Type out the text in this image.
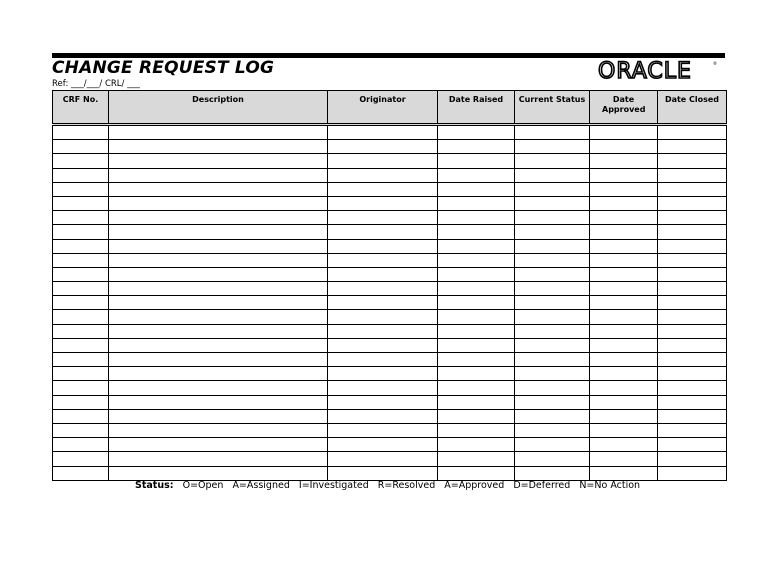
CHANGE REQUEST LOG
Ref: ___/___/ CRL/ ___	ORACLE	®
CRF No.	Description	Originator	Date Raised	Current Status	Date Approved	Date Closed

Status: O=Open A=Assigned I=Investigated R=Resolved A=Approved D=Deferred N=No Action
